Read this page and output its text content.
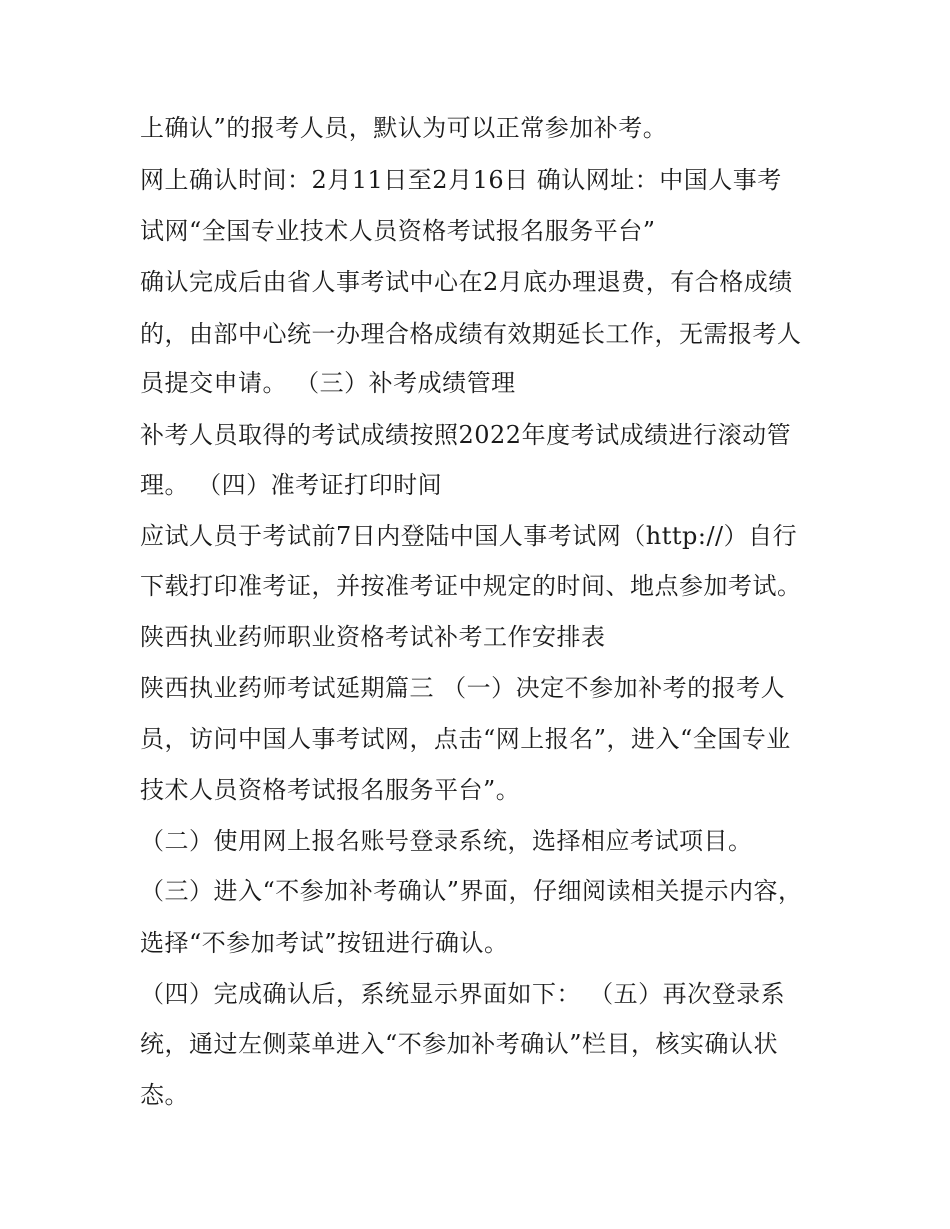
上确认”的报考人员，默认为可以正常参加补考。
网上确认时间：2月11日至2月16日 确认网址：中国人事考
试网“全国专业技术人员资格考试报名服务平台”
确认完成后由省人事考试中心在2月底办理退费，有合格成绩
的，由部中心统一办理合格成绩有效期延长工作，无需报考人
员提交申请。 （三）补考成绩管理
补考人员取得的考试成绩按照2022年度考试成绩进行滚动管
理。 （四）准考证打印时间
应试人员于考试前7日内登陆中国人事考试网（http://）自行
下载打印准考证，并按准考证中规定的时间、地点参加考试。
陕西执业药师职业资格考试补考工作安排表
陕西执业药师考试延期篇三 （一）决定不参加补考的报考人
员，访问中国人事考试网，点击“网上报名”，进入“全国专业
技术人员资格考试报名服务平台”。
（二）使用网上报名账号登录系统，选择相应考试项目。
（三）进入“不参加补考确认”界面，仔细阅读相关提示内容，
选择“不参加考试”按钮进行确认。
（四）完成确认后，系统显示界面如下： （五）再次登录系
统，通过左侧菜单进入“不参加补考确认”栏目，核实确认状
态。
